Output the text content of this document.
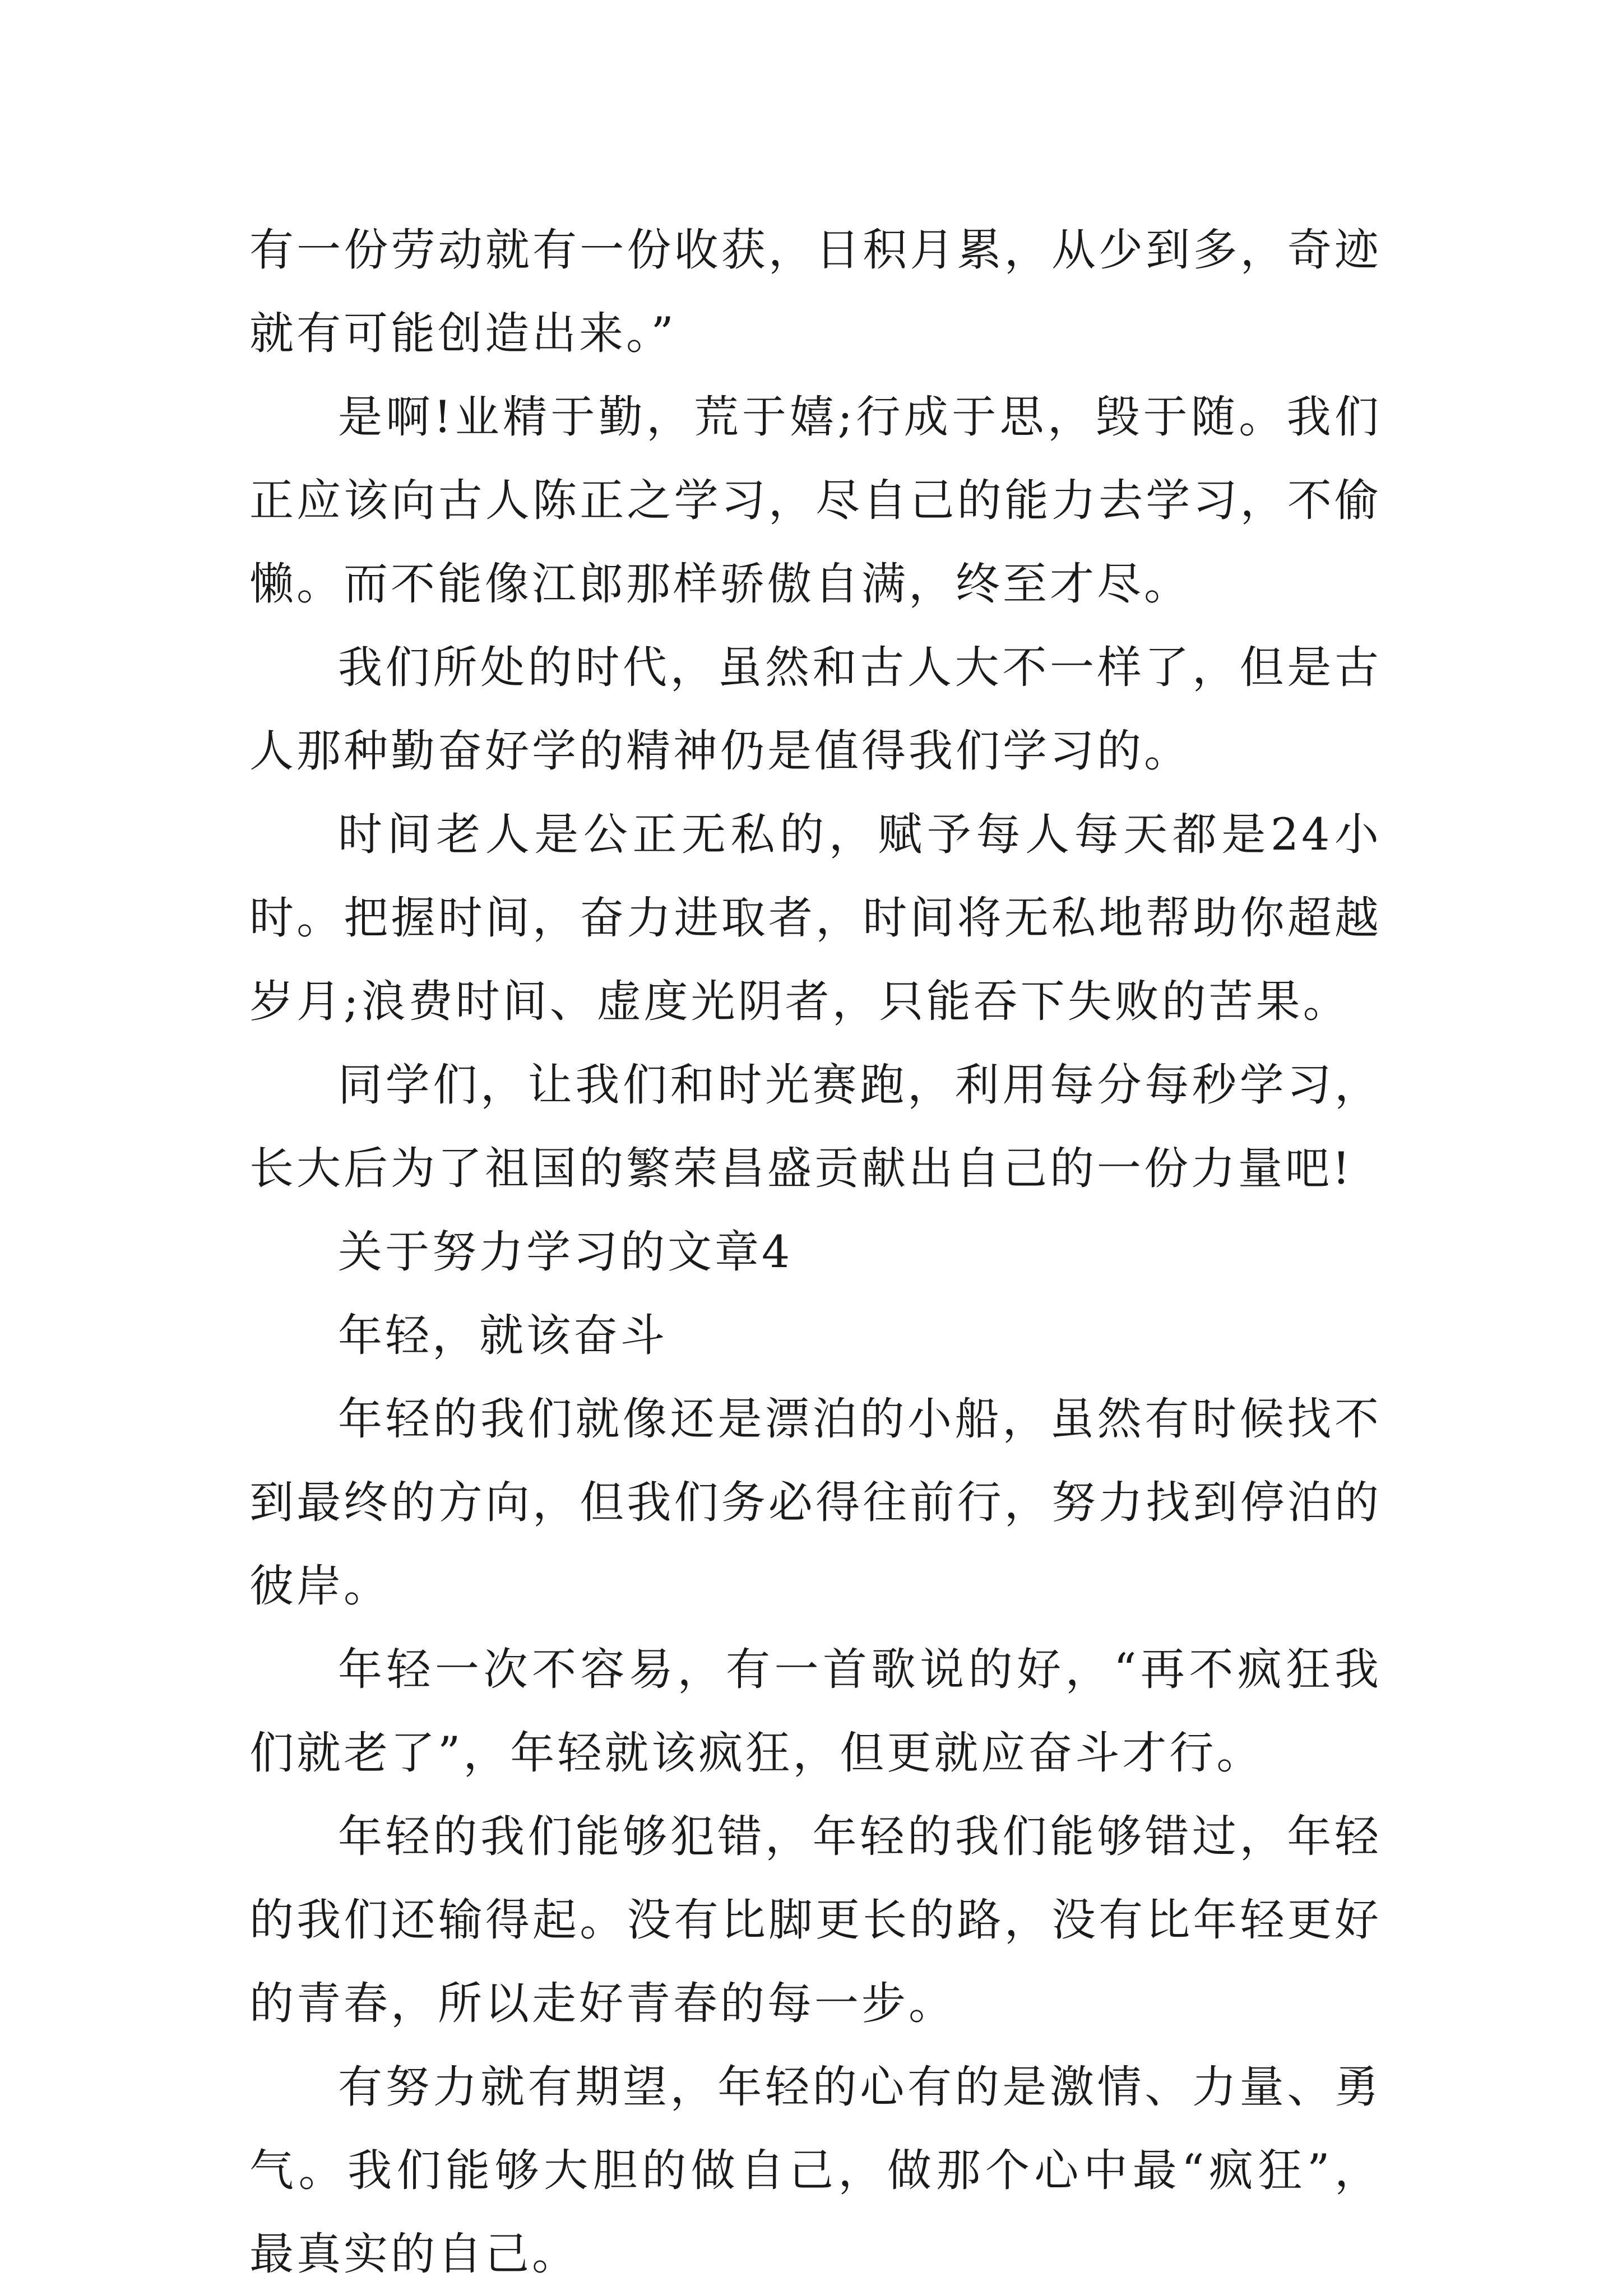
有一份劳动就有一份收获，日积月累，从少到多，奇迹就有可能创造出来。”

是啊!业精于勤，荒于嬉;行成于思，毁于随。我们正应该向古人陈正之学习，尽自己的能力去学习，不偷懒。而不能像江郎那样骄傲自满，终至才尽。

我们所处的时代，虽然和古人大不一样了，但是古人那种勤奋好学的精神仍是值得我们学习的。

时间老人是公正无私的，赋予每人每天都是24小时。把握时间，奋力进取者，时间将无私地帮助你超越岁月;浪费时间、虚度光阴者，只能吞下失败的苦果。

同学们，让我们和时光赛跑，利用每分每秒学习，长大后为了祖国的繁荣昌盛贡献出自己的一份力量吧!

关于努力学习的文章4

年轻，就该奋斗

年轻的我们就像还是漂泊的小船，虽然有时候找不到最终的方向，但我们务必得往前行，努力找到停泊的彼岸。

年轻一次不容易，有一首歌说的好，“再不疯狂我们就老了”，年轻就该疯狂，但更就应奋斗才行。

年轻的我们能够犯错，年轻的我们能够错过，年轻的我们还输得起。没有比脚更长的路，没有比年轻更好的青春，所以走好青春的每一步。

有努力就有期望，年轻的心有的是激情、力量、勇气。我们能够大胆的做自己，做那个心中最“疯狂”，最真实的自己。
